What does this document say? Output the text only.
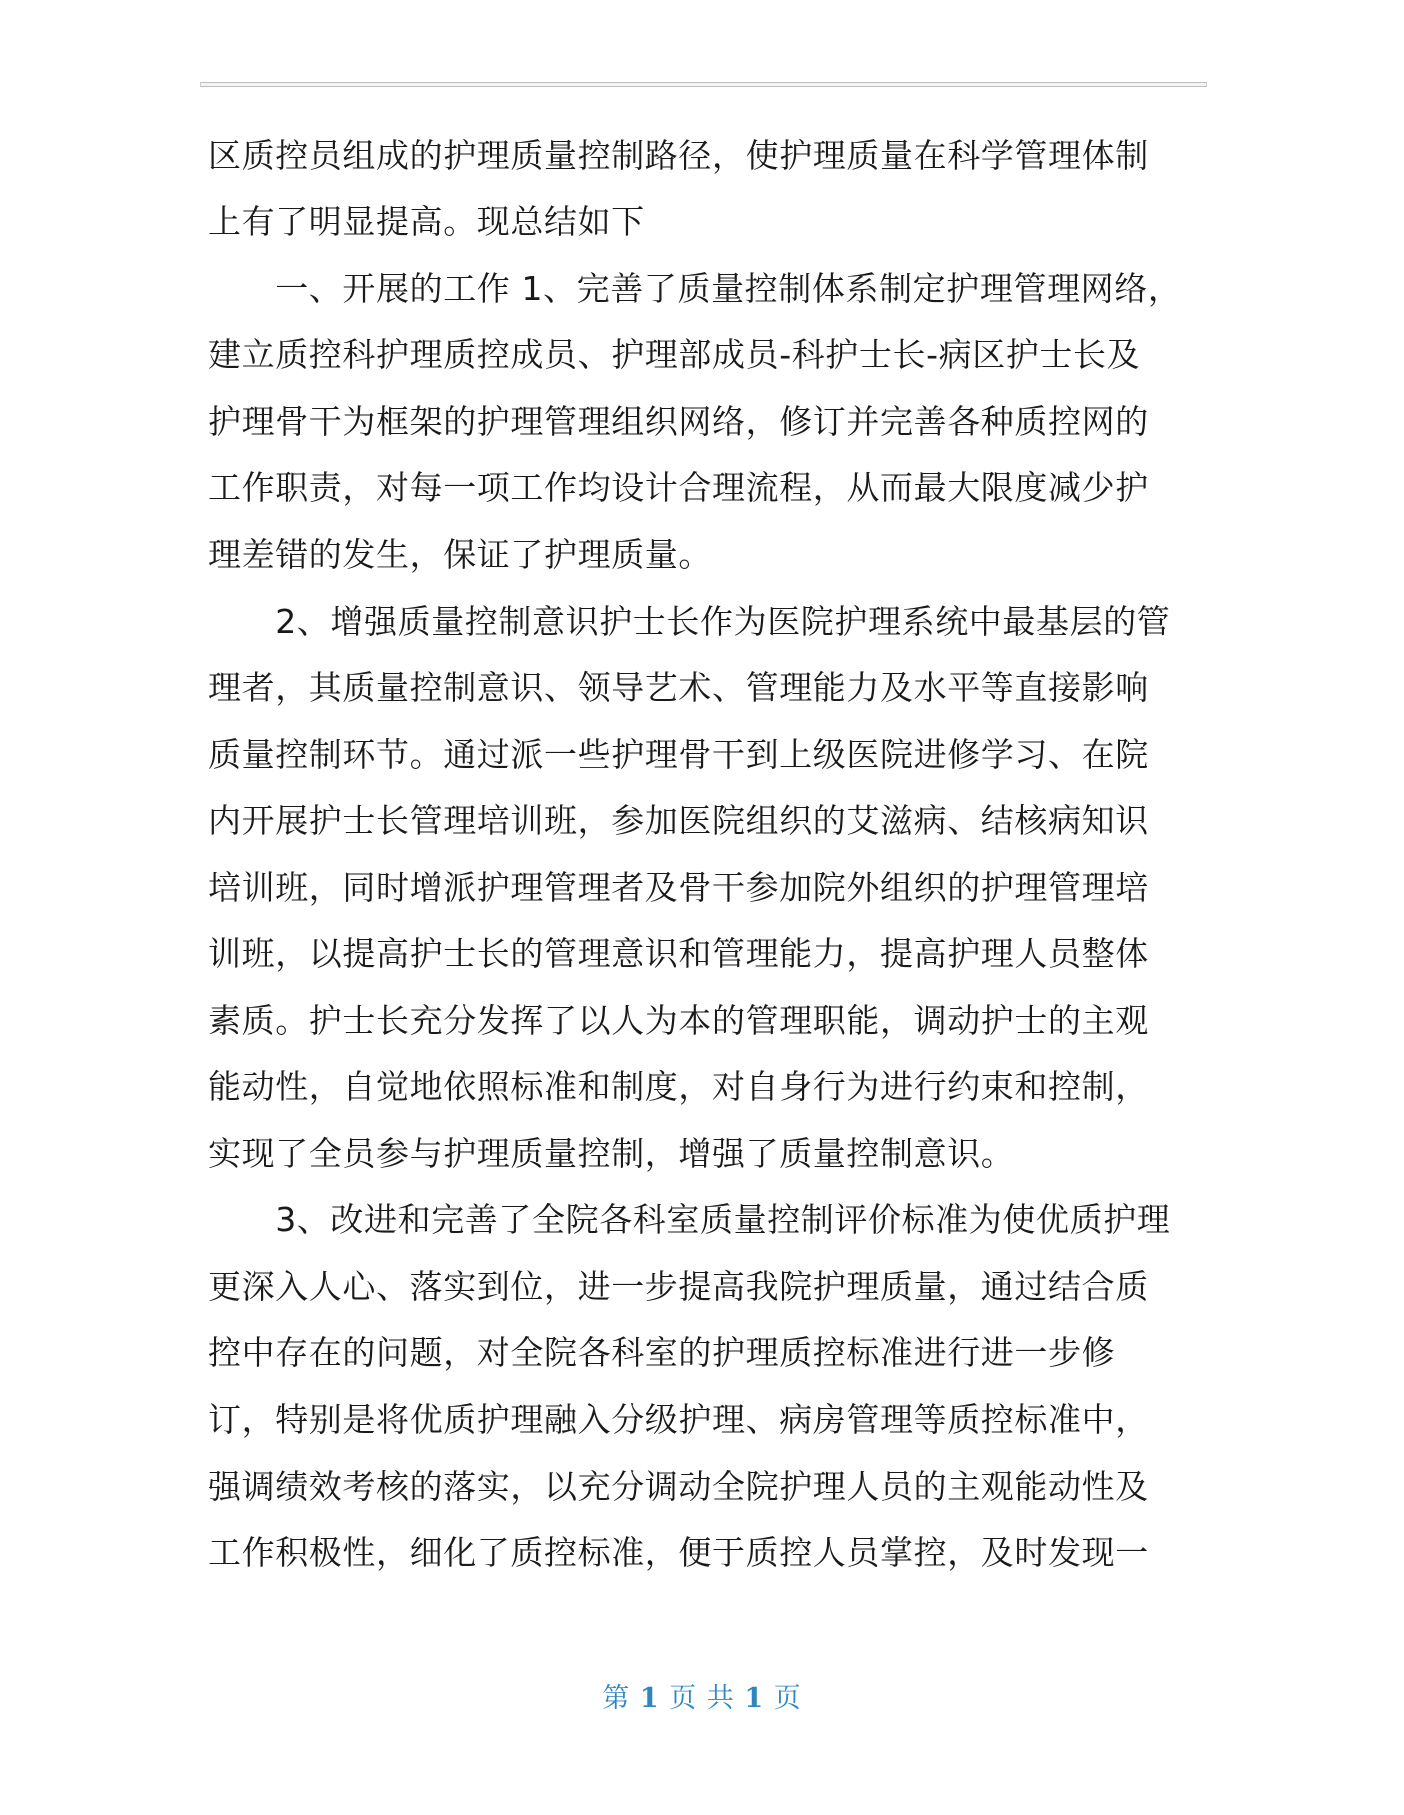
区质控员组成的护理质量控制路径，使护理质量在科学管理体制
上有了明显提高。现总结如下
　　一、开展的工作 1、完善了质量控制体系制定护理管理网络，
建立质控科护理质控成员、护理部成员-科护士长-病区护士长及
护理骨干为框架的护理管理组织网络，修订并完善各种质控网的
工作职责，对每一项工作均设计合理流程，从而最大限度减少护
理差错的发生，保证了护理质量。
　　2、增强质量控制意识护士长作为医院护理系统中最基层的管
理者，其质量控制意识、领导艺术、管理能力及水平等直接影响
质量控制环节。通过派一些护理骨干到上级医院进修学习、在院
内开展护士长管理培训班，参加医院组织的艾滋病、结核病知识
培训班，同时增派护理管理者及骨干参加院外组织的护理管理培
训班，以提高护士长的管理意识和管理能力，提高护理人员整体
素质。护士长充分发挥了以人为本的管理职能，调动护士的主观
能动性，自觉地依照标准和制度，对自身行为进行约束和控制，
实现了全员参与护理质量控制，增强了质量控制意识。
　　3、改进和完善了全院各科室质量控制评价标准为使优质护理
更深入人心、落实到位，进一步提高我院护理质量，通过结合质
控中存在的问题，对全院各科室的护理质控标准进行进一步修
订，特别是将优质护理融入分级护理、病房管理等质控标准中，
强调绩效考核的落实，以充分调动全院护理人员的主观能动性及
工作积极性，细化了质控标准，便于质控人员掌控，及时发现一
第 1 页 共 1 页
